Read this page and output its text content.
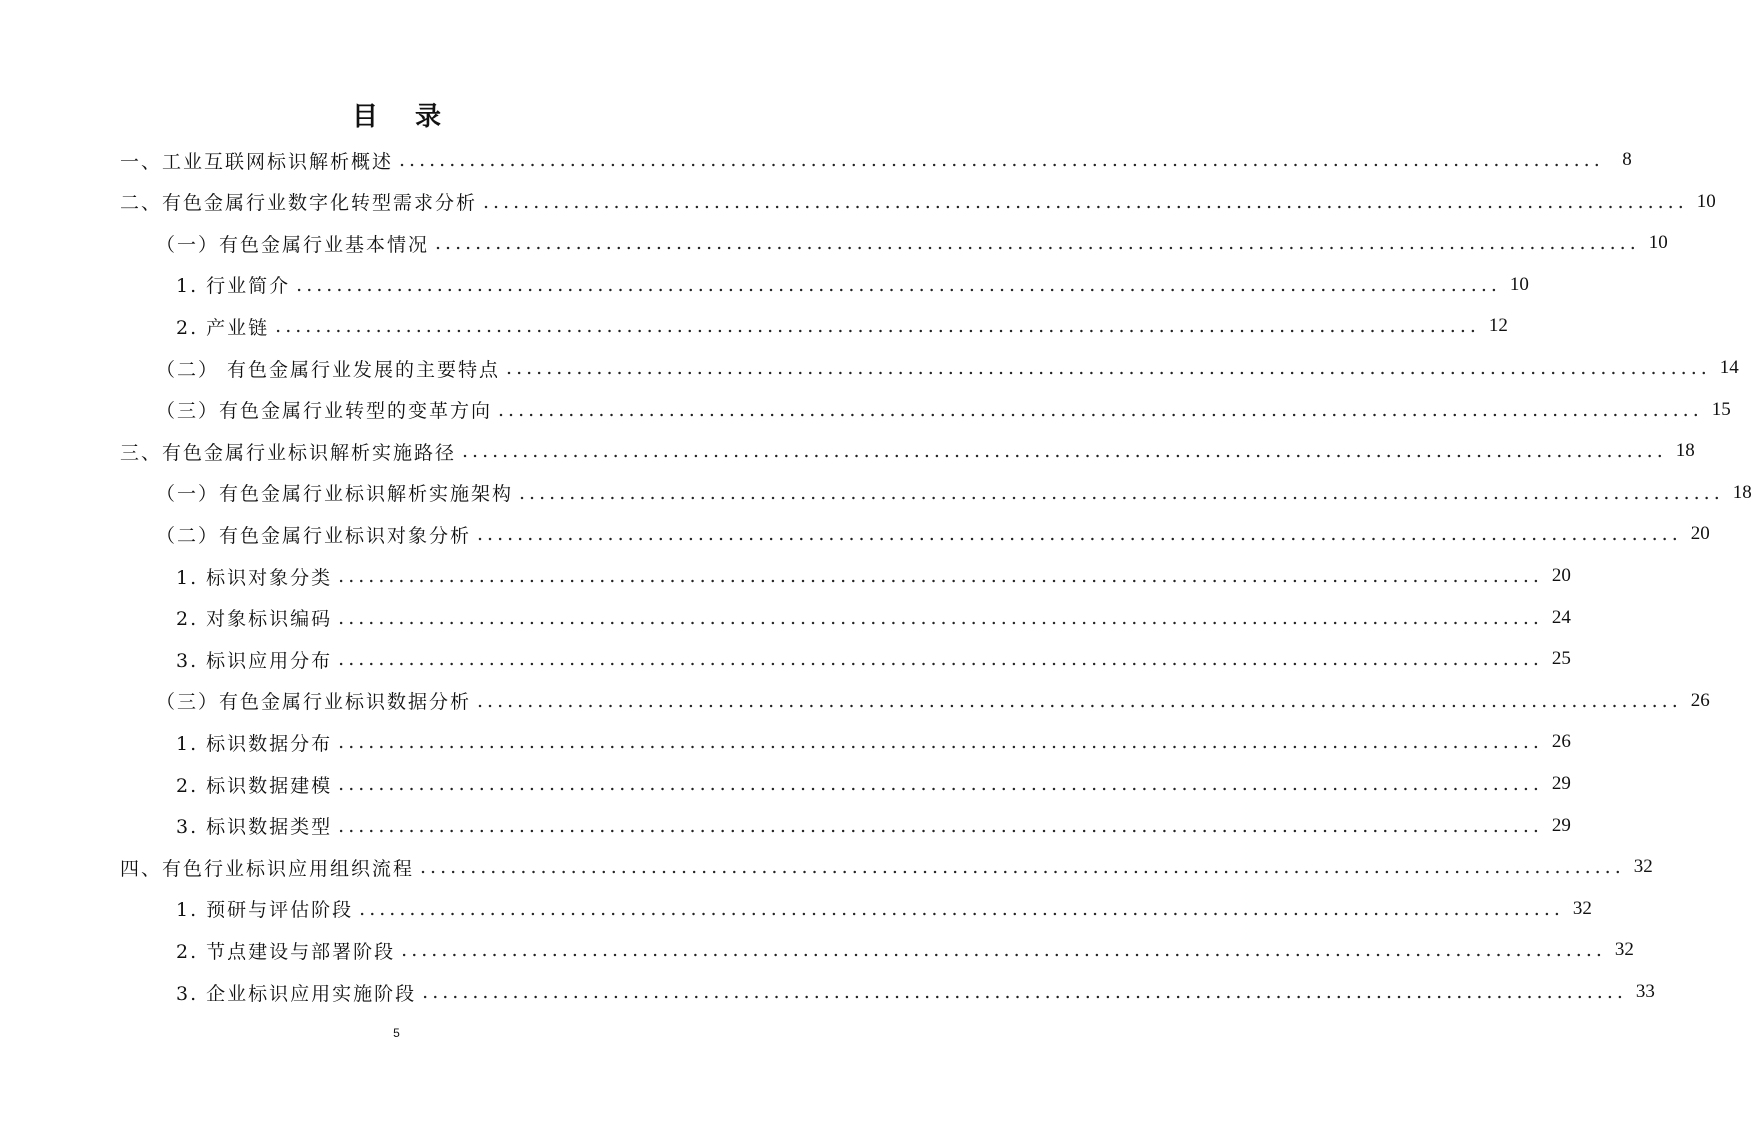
目 录
一、工业互联网标识解析概述 ........................................................................................................................ 8
二、有色金属行业数字化转型需求分析 ........................................................................................................................ 10
（一）有色金属行业基本情况 ........................................................................................................................ 10
1. 行业简介 ........................................................................................................................ 10
2. 产业链 ........................................................................................................................ 12
（二） 有色金属行业发展的主要特点 ........................................................................................................................ 14
（三）有色金属行业转型的变革方向 ........................................................................................................................ 15
三、有色金属行业标识解析实施路径 ........................................................................................................................ 18
（一）有色金属行业标识解析实施架构 ........................................................................................................................ 18
（二）有色金属行业标识对象分析 ........................................................................................................................ 20
1. 标识对象分类 ........................................................................................................................ 20
2. 对象标识编码 ........................................................................................................................ 24
3. 标识应用分布 ........................................................................................................................ 25
（三）有色金属行业标识数据分析 ........................................................................................................................ 26
1. 标识数据分布 ........................................................................................................................ 26
2. 标识数据建模 ........................................................................................................................ 29
3. 标识数据类型 ........................................................................................................................ 29
四、有色行业标识应用组织流程 ........................................................................................................................ 32
1. 预研与评估阶段 ........................................................................................................................ 32
2. 节点建设与部署阶段 ........................................................................................................................ 32
3. 企业标识应用实施阶段 ........................................................................................................................ 33
5
